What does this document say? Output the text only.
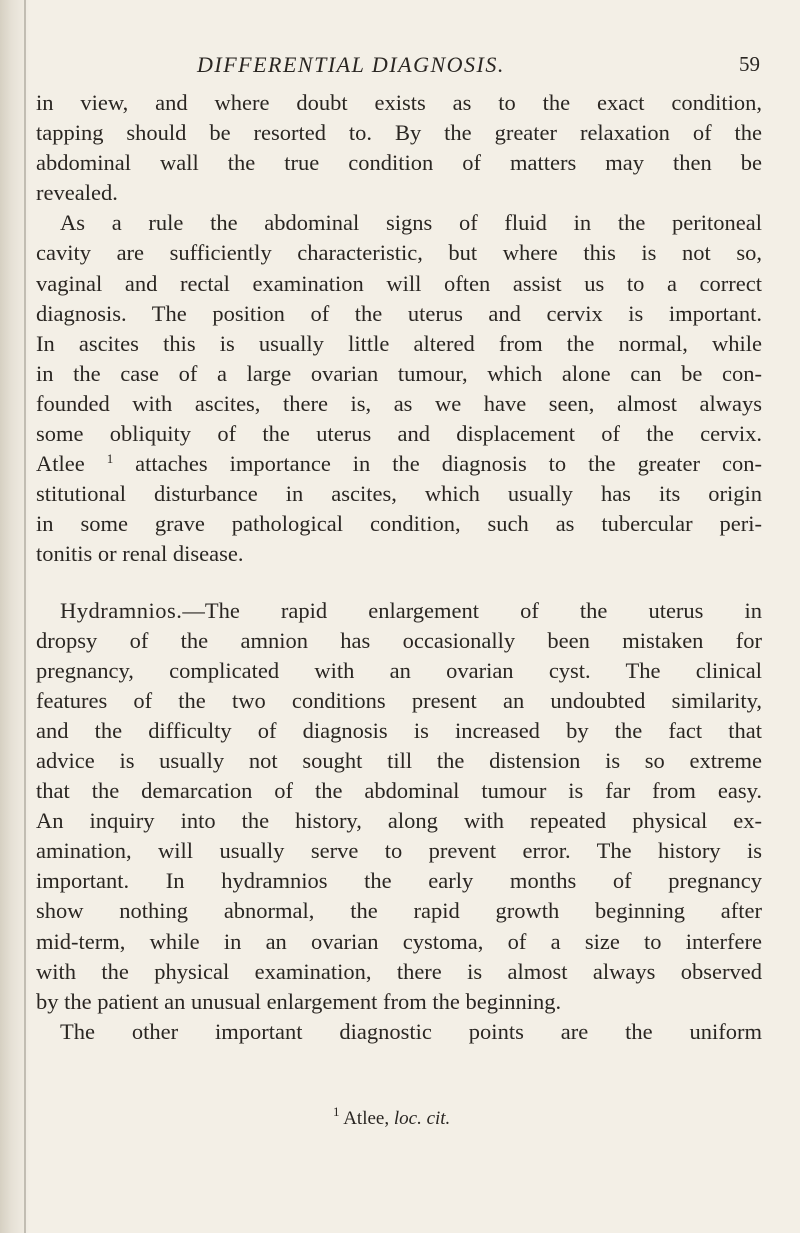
DIFFERENTIAL DIAGNOSIS.	59
in view, and where doubt exists as to the exact condition,
tapping should be resorted to. By the greater relaxation of the
abdominal wall the true condition of matters may then be
revealed.
As a rule the abdominal signs of fluid in the peritoneal
cavity are sufficiently characteristic, but where this is not so,
vaginal and rectal examination will often assist us to a correct
diagnosis. The position of the uterus and cervix is important.
In ascites this is usually little altered from the normal, while
in the case of a large ovarian tumour, which alone can be con-
founded with ascites, there is, as we have seen, almost always
some obliquity of the uterus and displacement of the cervix.
Atlee $^1$ attaches importance in the diagnosis to the greater con-
stitutional disturbance in ascites, which usually has its origin
in some grave pathological condition, such as tubercular peri-
tonitis or renal disease.
Hydramnios.—The rapid enlargement of the uterus in
dropsy of the amnion has occasionally been mistaken for
pregnancy, complicated with an ovarian cyst. The clinical
features of the two conditions present an undoubted similarity,
and the difficulty of diagnosis is increased by the fact that
advice is usually not sought till the distension is so extreme
that the demarcation of the abdominal tumour is far from easy.
An inquiry into the history, along with repeated physical ex-
amination, will usually serve to prevent error. The history is
important. In hydramnios the early months of pregnancy
show nothing abnormal, the rapid growth beginning after
mid-term, while in an ovarian cystoma, of a size to interfere
with the physical examination, there is almost always observed
by the patient an unusual enlargement from the beginning.
The other important diagnostic points are the uniform
$^1$ Atlee, loc. cit.
